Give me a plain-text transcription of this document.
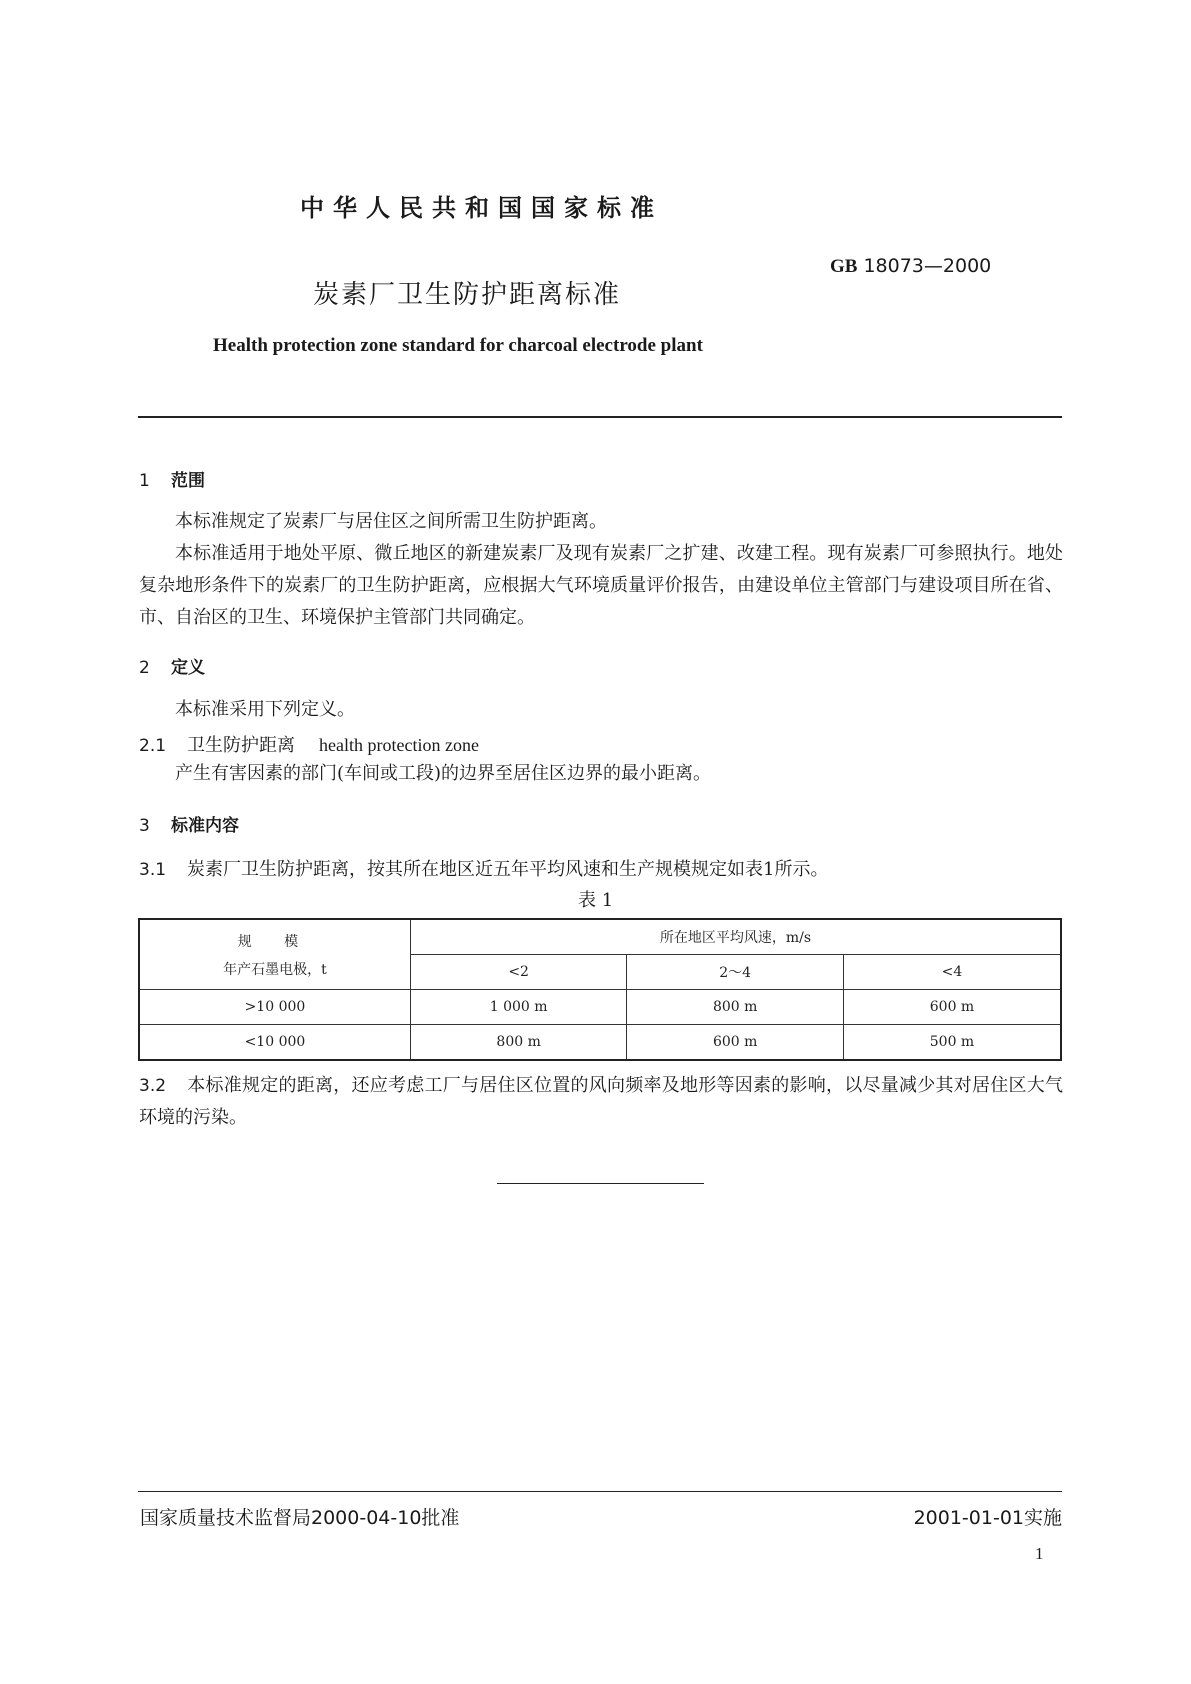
中华人民共和国国家标准
GB 18073—2000
炭素厂卫生防护距离标准
Health protection zone standard for charcoal electrode plant
1 范围
本标准规定了炭素厂与居住区之间所需卫生防护距离。
本标准适用于地处平原、微丘地区的新建炭素厂及现有炭素厂之扩建、改建工程。现有炭素厂可参照执行。地处复杂地形条件下的炭素厂的卫生防护距离，应根据大气环境质量评价报告，由建设单位主管部门与建设项目所在省、市、自治区的卫生、环境保护主管部门共同确定。
2 定义
本标准采用下列定义。
2.1 卫生防护距离 health protection zone
产生有害因素的部门(车间或工段)的边界至居住区边界的最小距离。
3 标准内容
3.1 炭素厂卫生防护距离，按其所在地区近五年平均风速和生产规模规定如表1所示。
表 1
规 模
年产石墨电极，t	所在地区平均风速，m/s		
	<2	2～4	<4
>10 000	1 000 m	800 m	600 m
<10 000	800 m	600 m	500 m
3.2 本标准规定的距离，还应考虑工厂与居住区位置的风向频率及地形等因素的影响，以尽量减少其对居住区大气环境的污染。
国家质量技术监督局2000-04-10批准	2001-01-01实施
1
